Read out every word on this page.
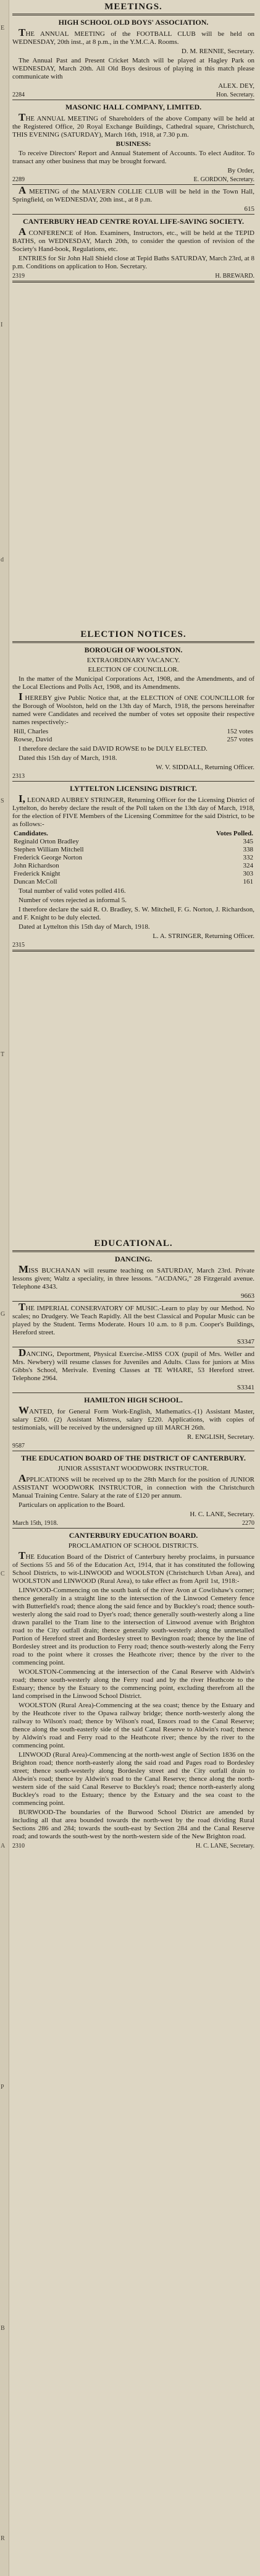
E
I
d
S
T
G
C
A
P
B
R
MEETINGS.
HIGH SCHOOL OLD BOYS' ASSOCIATION.

THE ANNUAL MEETING of the FOOTBALL CLUB will be held on WEDNESDAY, 20th inst., at 8 p.m., in the Y.M.C.A. Rooms.

D. M. RENNIE, Secretary.

The Annual Past and Present Cricket Match will be played at Hagley Park on WEDNESDAY, March 20th. All Old Boys desirous of playing in this match please communicate with

ALEX. DEY,
2284	Hon. Secretary.
MASONIC HALL COMPANY, LIMITED.

THE ANNUAL MEETING of Shareholders of the above Company will be held at the Registered Office, 20 Royal Exchange Buildings, Cathedral square, Christchurch, THIS EVENING (SATURDAY), March 16th, 1918, at 7.30 p.m.

BUSINESS:

To receive Directors' Report and Annual Statement of Accounts. To elect Auditor. To transact any other business that may be brought forward.

By Order,
2289	E. GORDON, Secretary.

A MEETING of the MALVERN COLLIE CLUB will be held in the Town Hall, Springfield, on WEDNESDAY, 20th inst., at 8 p.m.

615
CANTERBURY HEAD CENTRE ROYAL LIFE-SAVING SOCIETY.

A CONFERENCE of Hon. Examiners, Instructors, etc., will be held at the TEPID BATHS, on WEDNESDAY, March 20th, to consider the question of revision of the Society's Hand-book, Regulations, etc.

ENTRIES for Sir John Hall Shield close at Tepid Baths SATURDAY, March 23rd, at 8 p.m. Conditions on application to Hon. Secretary.

2319	H. BREWARD.
ELECTION NOTICES.
BOROUGH OF WOOLSTON.
EXTRAORDINARY VACANCY.
ELECTION OF COUNCILLOR.

In the matter of the Municipal Corporations Act, 1908, and the Amendments, and of the Local Elections and Polls Act, 1908, and its Amendments.

I HEREBY give Public Notice that, at the ELECTION of ONE COUNCILLOR for the Borough of Woolston, held on the 13th day of March, 1918, the persons hereinafter named were Candidates and received the number of votes set opposite their respective names respectively:-

Hill, Charles	152 votes
Rowse, David	257 votes

I therefore declare the said DAVID ROWSE to be DULY ELECTED.

Dated this 15th day of March, 1918.

W. V. SIDDALL, Returning Officer.
2313
LYTTELTON LICENSING DISTRICT.

I, LEONARD AUBREY STRINGER, Returning Officer for the Licensing District of Lyttelton, do hereby declare the result of the Poll taken on the 13th day of March, 1918, for the election of FIVE Members of the Licensing Committee for the said District, to be as follows:-

Candidates.	Votes Polled.
Reginald Orton Bradley	345
Stephen William Mitchell	338
Frederick George Norton	332
John Richardson	324
Frederick Knight	303
Duncan McColl	161

Total number of valid votes polled 416.

Number of votes rejected as informal 5.

I therefore declare the said R. O. Bradley, S. W. Mitchell, F. G. Norton, J. Richardson, and F. Knight to be duly elected.

Dated at Lyttelton this 15th day of March, 1918.

L. A. STRINGER, Returning Officer.
2315
EDUCATIONAL.
DANCING.

MISS BUCHANAN will resume teaching on SATURDAY, March 23rd. Private lessons given; Waltz a speciality, in three lessons. "ACDANG," 28 Fitzgerald avenue. Telephone 4343.

9663

THE IMPERIAL CONSERVATORY OF MUSIC.-Learn to play by our Method. No scales; no Drudgery. We Teach Rapidly. All the best Classical and Popular Music can be played by the Student. Terms Moderate. Hours 10 a.m. to 8 p.m. Cooper's Buildings, Hereford street.

S3347

DANCING, Deportment, Physical Exercise.-MISS COX (pupil of Mrs. Weller and Mrs. Newbery) will resume classes for Juveniles and Adults. Class for juniors at Miss Gibbs's School, Merivale. Evening Classes at TE WHARE, 53 Hereford street. Telephone 2964.

S3341
HAMILTON HIGH SCHOOL.

WANTED, for General Form Work-English, Mathematics.-(1) Assistant Master, salary £260. (2) Assistant Mistress, salary £220. Applications, with copies of testimonials, will be received by the undersigned up till MARCH 26th.

R. ENGLISH, Secretary.
9587
THE EDUCATION BOARD OF THE DISTRICT OF CANTERBURY.
JUNIOR ASSISTANT WOODWORK INSTRUCTOR.

APPLICATIONS will be received up to the 28th March for the position of JUNIOR ASSISTANT WOODWORK INSTRUCTOR, in connection with the Christchurch Manual Training Centre. Salary at the rate of £120 per annum.

Particulars on application to the Board.

H. C. LANE, Secretary.
March 15th, 1918.	2270
CANTERBURY EDUCATION BOARD.
PROCLAMATION OF SCHOOL DISTRICTS.

THE Education Board of the District of Canterbury hereby proclaims, in pursuance of Sections 55 and 56 of the Education Act, 1914, that it has constituted the following School Districts, to wit-LINWOOD and WOOLSTON (Christchurch Urban Area), and WOOLSTON and LINWOOD (Rural Area), to take effect as from April 1st, 1918:-

LINWOOD-Commencing on the south bank of the river Avon at Cowlishaw's corner; thence generally in a straight line to the intersection of the Linwood Cemetery fence with Butterfield's road; thence along the said fence and by Buckley's road; thence south-westerly along the said road to Dyer's road; thence generally south-westerly along a line drawn parallel to the Tram line to the intersection of Linwood avenue with Brighton road to the City outfall drain; thence generally south-westerly along the unmetalled Portion of Hereford street and Bordesley street to Bevington road; thence by the line of Bordesley street and its production to Ferry road; thence south-westerly along the Ferry road to the point where it crosses the Heathcote river; thence by the river to the commencing point.

WOOLSTON-Commencing at the intersection of the Canal Reserve with Aldwin's road; thence south-westerly along the Ferry road and by the river Heathcote to the Estuary; thence by the Estuary to the commencing point, excluding therefrom all the land comprised in the Linwood School District.

WOOLSTON (Rural Area)-Commencing at the sea coast; thence by the Estuary and by the Heathcote river to the Opawa railway bridge; thence north-westerly along the railway to Wilson's road; thence by Wilson's road, Ensors road to the Canal Reserve; thence along the south-easterly side of the said Canal Reserve to Aldwin's road; thence by Aldwin's road and Ferry road to the Heathcote river; thence by the river to the commencing point.

LINWOOD (Rural Area)-Commencing at the north-west angle of Section 1836 on the Brighton road; thence north-easterly along the said road and Pages road to Bordesley street; thence south-westerly along Bordesley street and the City outfall drain to Aldwin's road; thence by Aldwin's road to the Canal Reserve; thence along the north-western side of the said Canal Reserve to Buckley's road; thence north-easterly along Buckley's road to the Estuary; thence by the Estuary and the sea coast to the commencing point.

BURWOOD-The boundaries of the Burwood School District are amended by including all that area bounded towards the north-west by the road dividing Rural Sections 286 and 284; towards the south-east by Section 284 and the Canal Reserve road; and towards the south-west by the north-western side of the New Brighton road.

2310	H. C. LANE, Secretary.
